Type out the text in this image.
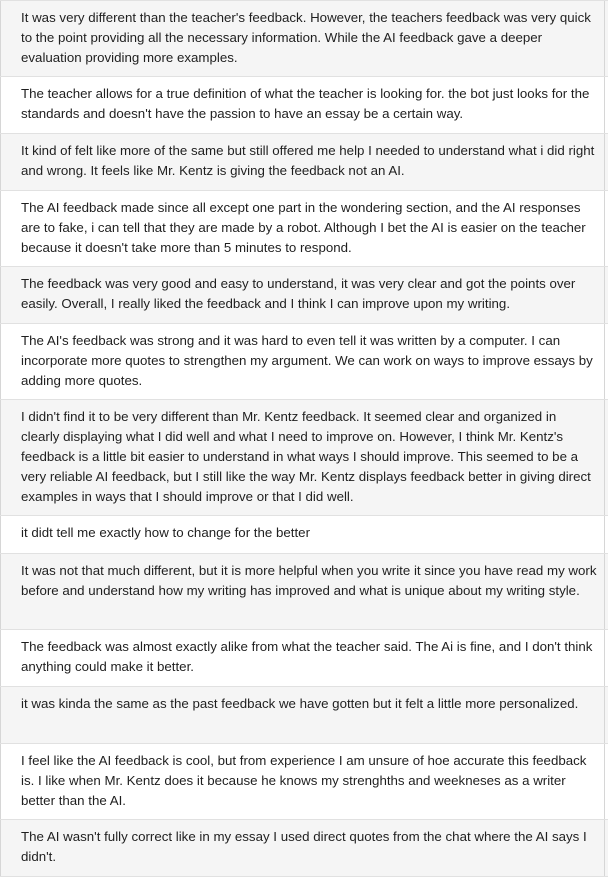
It was very different than the teacher's feedback. However, the teachers feedback was very quick to the point providing all the necessary information. While the AI feedback gave a deeper evaluation providing more examples.
The teacher allows for a true definition of what the teacher is looking for. the bot just looks for the standards and doesn't have the passion to have an essay be a certain way.
It kind of felt like more of the same but still offered me help I needed to understand what i did right and wrong. It feels like Mr. Kentz is giving the feedback not an AI.
The AI feedback made since all except one part in the wondering section, and the AI responses are to fake, i can tell that they are made by a robot. Although I bet the AI is easier on the teacher because it doesn't take more than 5 minutes to respond.
The feedback was very good and easy to understand, it was very clear and got the points over easily. Overall, I really liked the feedback and I think I can improve upon my writing.
The AI's feedback was strong and it was hard to even tell it was written by a computer. I can incorporate more quotes to strengthen my argument. We can work on ways to improve essays by adding more quotes.
I didn't find it to be very different than Mr. Kentz feedback. It seemed clear and organized in clearly displaying what I did well and what I need to improve on. However, I think Mr. Kentz's feedback is a little bit easier to understand in what ways I should improve. This seemed to be a very reliable AI feedback, but I still like the way Mr. Kentz displays feedback better in giving direct examples in ways that I should improve or that I did well.
it didt tell me exactly how to change for the better
It was not that much different, but it is more helpful when you write it since you have read my work before and understand how my writing has improved and what is unique about my writing style.
The feedback was almost exactly alike from what the teacher said. The Ai is fine, and I don't think anything could make it better.
it was kinda the same as the past feedback we have gotten but it felt a little more personalized.
I feel like the AI feedback is cool, but from experience I am unsure of hoe accurate this feedback is. I like when Mr. Kentz does it because he knows my strenghths and weekneses as a writer better than the AI.
The AI wasn't fully correct like in my essay I used direct quotes from the chat where the AI says I didn't.
